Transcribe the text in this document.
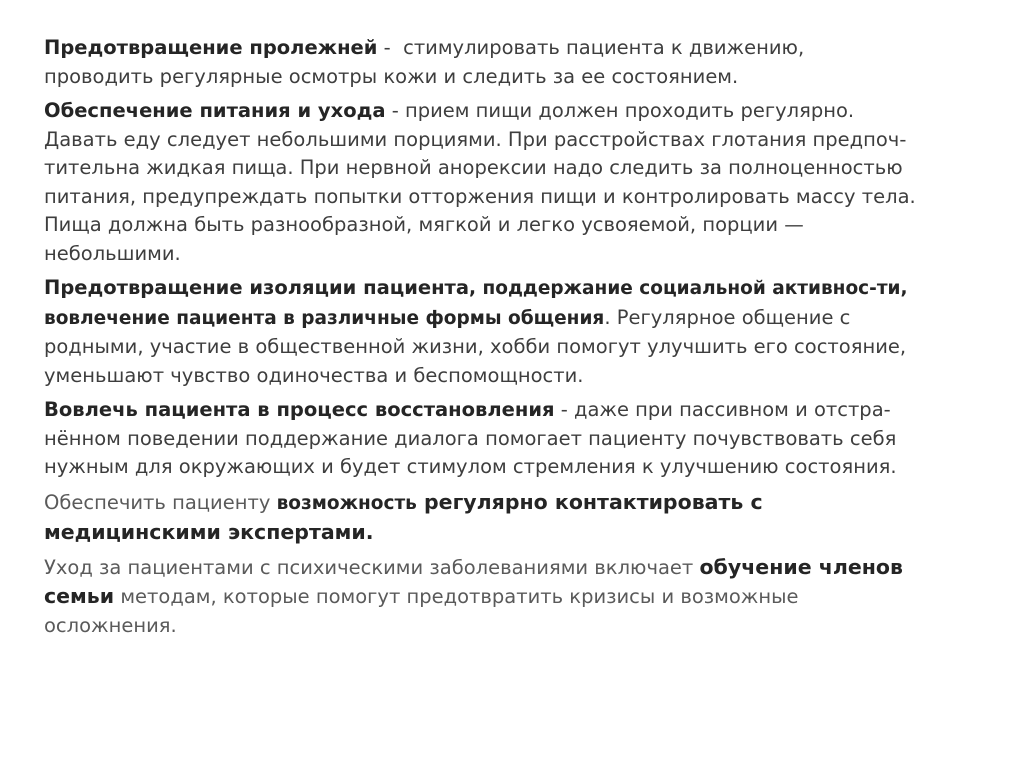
Предотвращение пролежней -  стимулировать пациента к движению,
проводить регулярные осмотры кожи и следить за ее состоянием.
Обеспечение питания и ухода - прием пищи должен проходить регулярно.
Давать еду следует небольшими порциями. При расстройствах глотания предпоч-
тительна жидкая пища. При нервной анорексии надо следить за полноценностью
питания, предупреждать попытки отторжения пищи и контролировать массу тела.
Пища должна быть разнообразной, мягкой и легко усвояемой, порции —
небольшими.
Предотвращение изоляции пациента, поддержание социальной активнос-ти,
вовлечение пациента в различные формы общения. Регулярное общение с
родными, участие в общественной жизни, хобби помогут улучшить его состояние,
уменьшают чувство одиночества и беспомощности.
Вовлечь пациента в процесс восстановления - даже при пассивном и отстра-
нённом поведении поддержание диалога помогает пациенту почувствовать себя
нужным для окружающих и будет стимулом стремления к улучшению состояния.
Обеспечить пациенту возможность регулярно контактировать с
медицинскими экспертами.
Уход за пациентами с психическими заболеваниями включает обучение членов
семьи методам, которые помогут предотвратить кризисы и возможные
осложнения.
